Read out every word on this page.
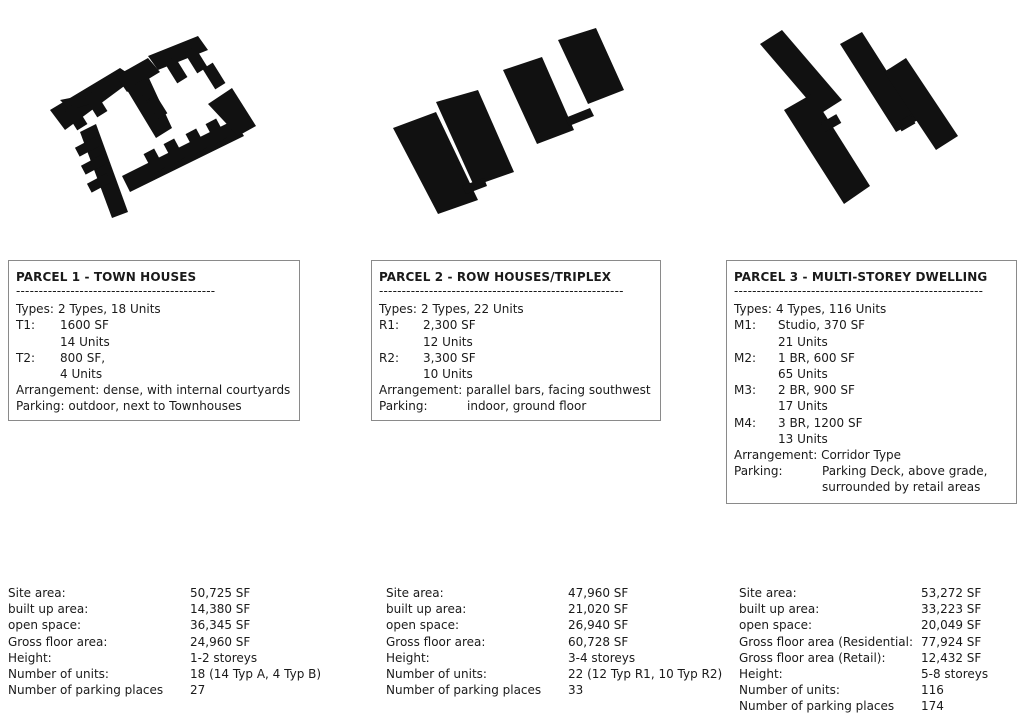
PARCEL 1 - TOWN HOUSES
--------------------------------------------
Types: 2 Types, 18 Units
T1:	1600 SF
14 Units
T2:	800 SF,
4 Units
Arrangement:
dense, with internal courtyards
Parking:
outdoor, next to Townhouses
PARCEL 2 - ROW HOUSES/TRIPLEX
------------------------------------------------------
Types: 2 Types, 22 Units
R1:	2,300 SF
12 Units
R2:	3,300 SF
10 Units
Arrangement:
parallel bars, facing southwest
Parking:	indoor, ground floor
PARCEL 3 - MULTI-STOREY DWELLING
-------------------------------------------------------
Types: 4 Types, 116 Units
M1:	Studio, 370 SF
21 Units
M2:	1 BR, 600 SF
65 Units
M3:	2 BR, 900 SF
17 Units
M4:	3 BR, 1200 SF
13 Units
Arrangement:
Corridor Type
Parking:	Parking Deck, above grade,
surrounded by retail areas
Site area:	50,725 SF
built up area:	14,380 SF
open space:	36,345 SF
Gross floor area:	24,960 SF
Height:	1-2 storeys
Number of units:	18 (14 Typ A, 4 Typ B)
Number of parking places	27
Site area:	47,960 SF
built up area:	21,020 SF
open space:	26,940 SF
Gross floor area:	60,728 SF
Height:	3-4 storeys
Number of units:	22 (12 Typ R1, 10 Typ R2)
Number of parking places	33
Site area:	53,272 SF
built up area:	33,223 SF
open space:	20,049 SF
Gross floor area (Residential: 77,924 SF
Gross floor area (Retail):	12,432 SF
Height:	5-8 storeys
Number of units:	116
Number of parking places	174
